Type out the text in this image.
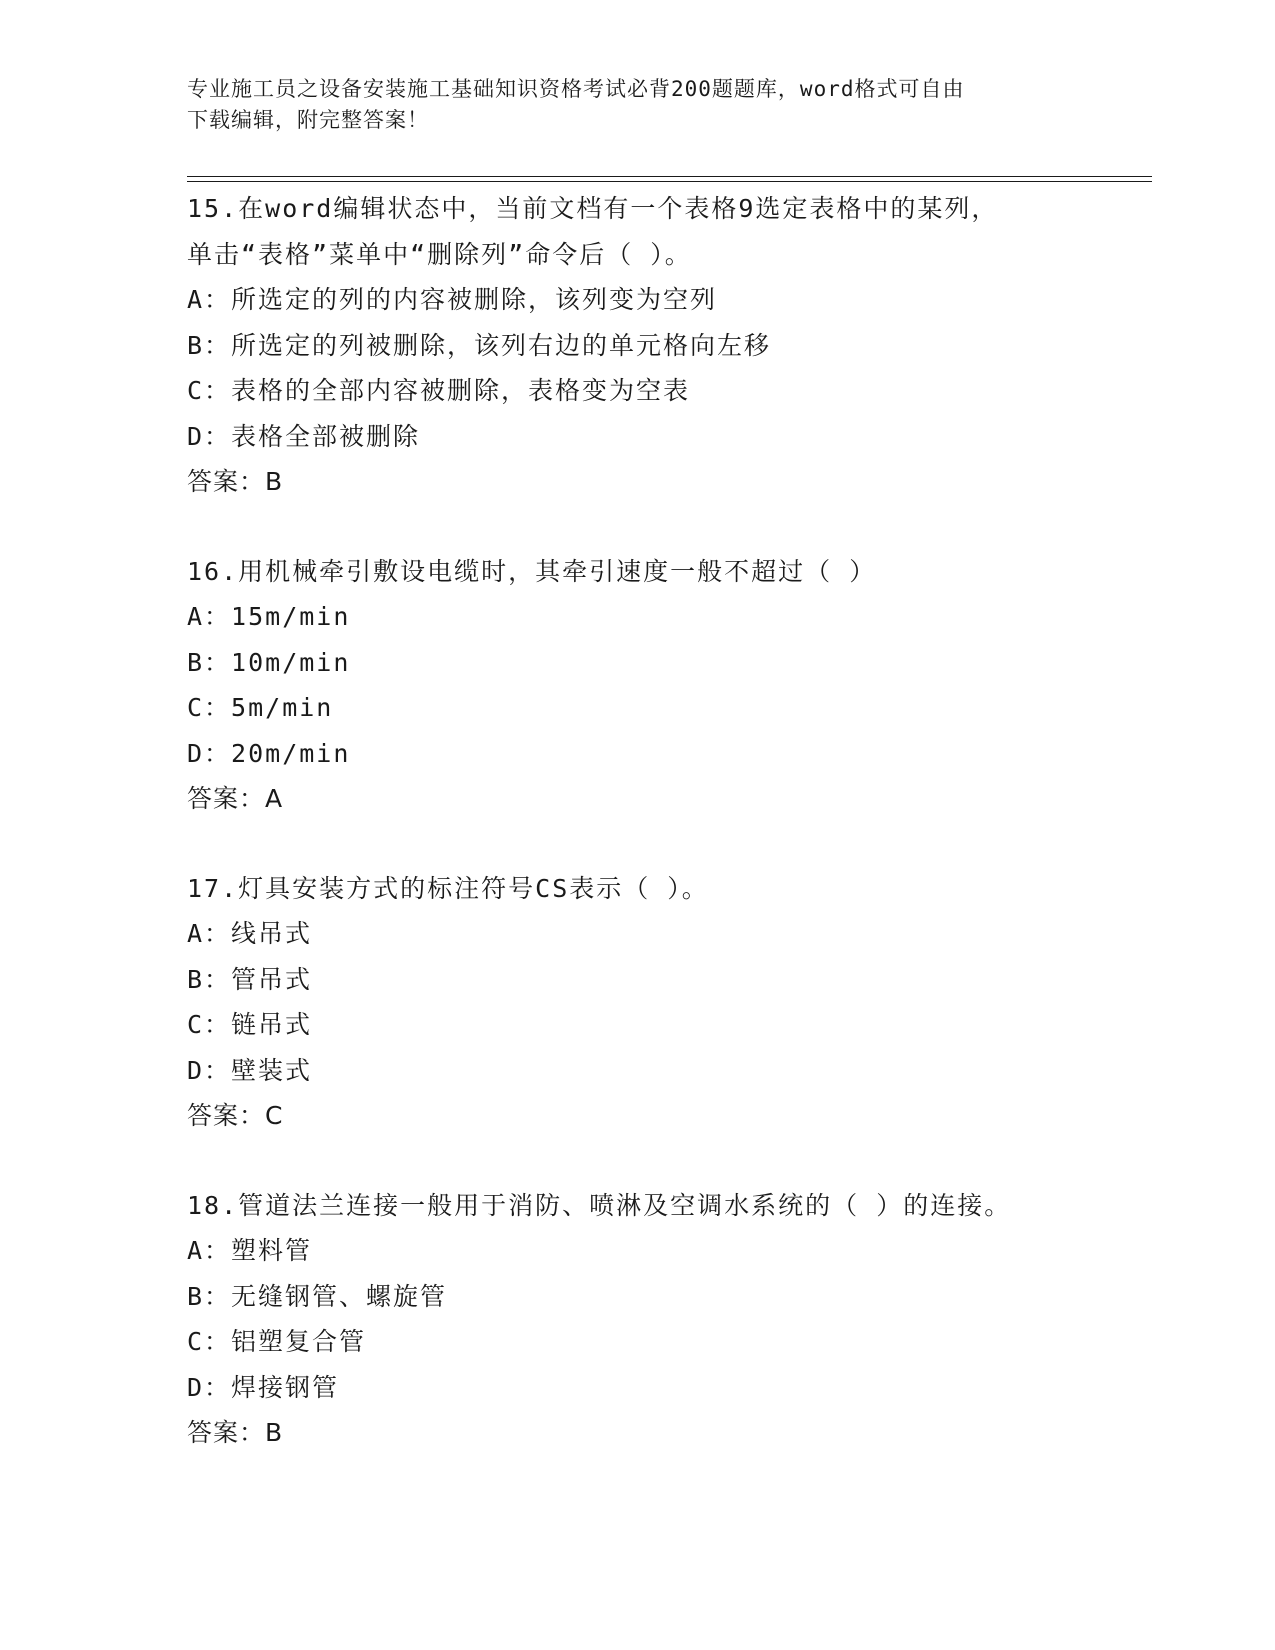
专业施工员之设备安装施工基础知识资格考试必背200题题库，word格式可自由
下载编辑，附完整答案！
15.在word编辑状态中，当前文档有一个表格9选定表格中的某列，
单击“表格”菜单中“删除列”命令后（ ）。
A：所选定的列的内容被删除，该列变为空列
B：所选定的列被删除，该列右边的单元格向左移
C：表格的全部内容被删除，表格变为空表
D：表格全部被删除
答案：B
16.用机械牵引敷设电缆时，其牵引速度一般不超过（ ）
A：15m/min
B：10m/min
C：5m/min
D：20m/min
答案：A
17.灯具安装方式的标注符号CS表示（ ）。
A：线吊式
B：管吊式
C：链吊式
D：壁装式
答案：C
18.管道法兰连接一般用于消防、喷淋及空调水系统的（ ）的连接。
A：塑料管
B：无缝钢管、螺旋管
C：铝塑复合管
D：焊接钢管
答案：B
